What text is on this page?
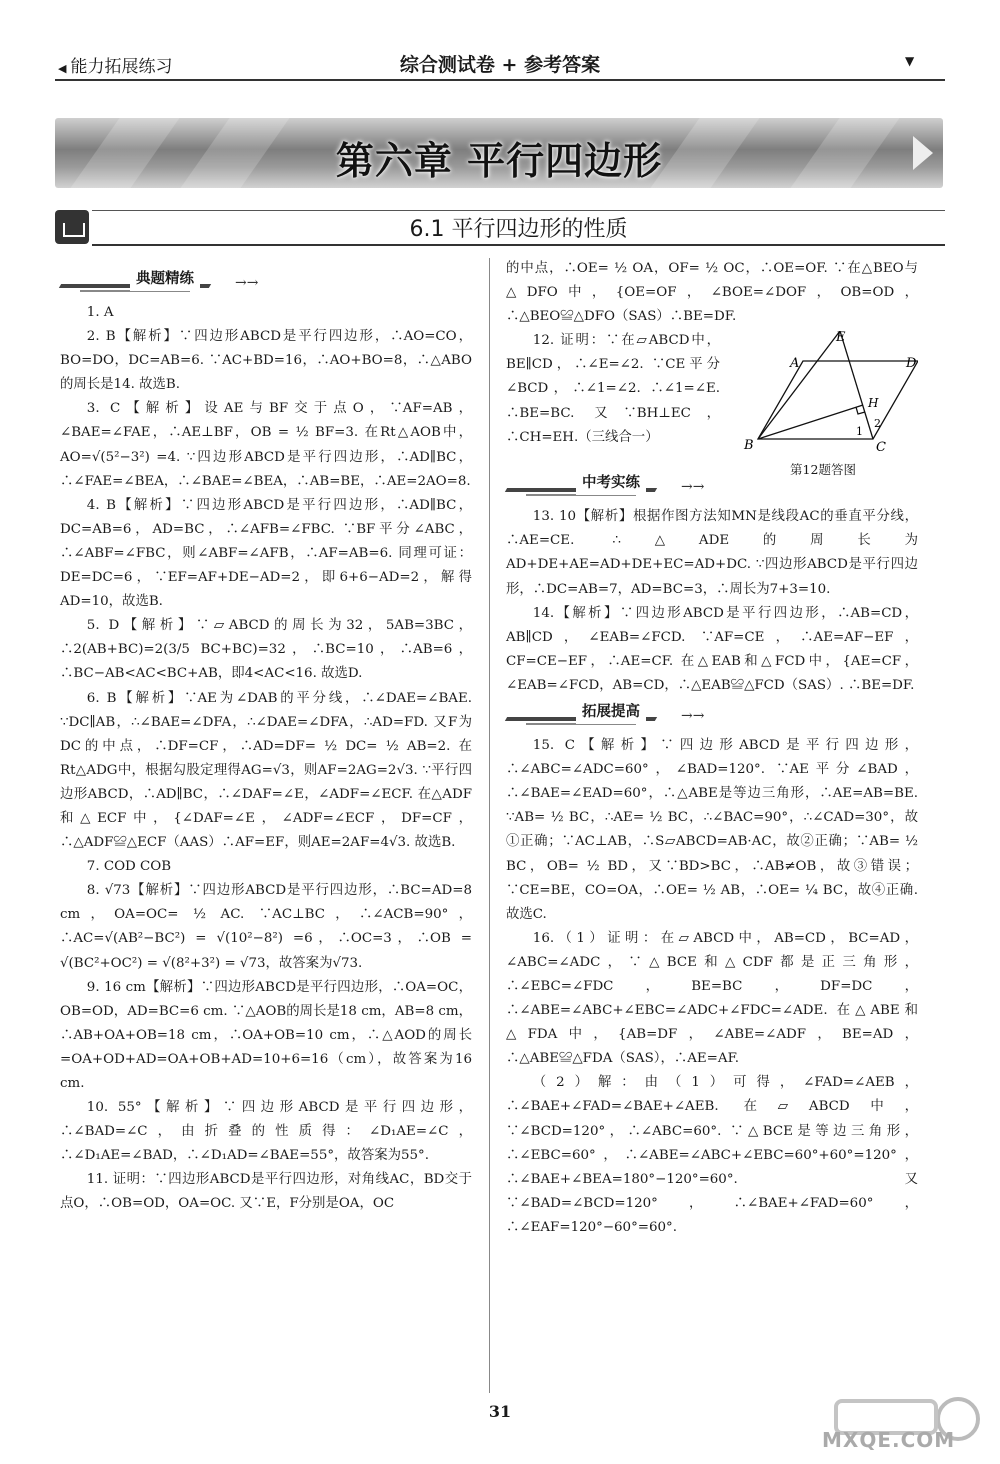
◀ 能力拓展练习	综合测试卷 + 参考答案	▼
第六章 平行四边形
6.1 平行四边形的性质
典题精练	→→

1. A

2. B【解析】∵四边形ABCD是平行四边形，∴AO=CO，BO=DO，DC=AB=6. ∵AC+BD=16，∴AO+BO=8，∴△ABO的周长是14. 故选B.

3. C【解析】设AE与BF交于点O，∵AF=AB，∠BAE=∠FAE，∴AE⊥BF，OB = ½ BF=3. 在Rt△AOB中，AO=√(5²−3²) =4. ∵四边形ABCD是平行四边形，∴AD∥BC，∴∠FAE=∠BEA，∴∠BAE=∠BEA，∴AB=BE，∴AE=2AO=8.

4. B【解析】∵四边形ABCD是平行四边形，∴AD∥BC，DC=AB=6，AD=BC，∴∠AFB=∠FBC. ∵BF平分∠ABC，∴∠ABF=∠FBC，则∠ABF=∠AFB，∴AF=AB=6. 同理可证：DE=DC=6，∵EF=AF+DE−AD=2，即6+6−AD=2，解得AD=10，故选B.

5. D【解析】∵▱ABCD的周长为32，5AB=3BC，∴2(AB+BC)=2(3/5 BC+BC)=32，∴BC=10，∴AB=6，∴BC−AB<AC<BC+AB，即4<AC<16. 故选D.

6. B【解析】∵AE为∠DAB的平分线，∴∠DAE=∠BAE. ∵DC∥AB，∴∠BAE=∠DFA，∴∠DAE=∠DFA，∴AD=FD. 又F为DC的中点，∴DF=CF，∴AD=DF= ½ DC= ½ AB=2. 在Rt△ADG中，根据勾股定理得AG=√3，则AF=2AG=2√3. ∵平行四边形ABCD，∴AD∥BC，∴∠DAF=∠E，∠ADF=∠ECF. 在△ADF和△ECF中，{∠DAF=∠E，∠ADF=∠ECF，DF=CF，∴△ADF≌△ECF（AAS）∴AF=EF，则AE=2AF=4√3. 故选B.

7. COD COB

8. √73【解析】∵四边形ABCD是平行四边形，∴BC=AD=8 cm，OA=OC= ½ AC. ∵AC⊥BC，∴∠ACB=90°，∴AC=√(AB²−BC²) = √(10²−8²) =6，∴OC=3，∴OB = √(BC²+OC²) = √(8²+3²) = √73，故答案为√73.

9. 16 cm【解析】∵四边形ABCD是平行四边形，∴OA=OC，OB=OD，AD=BC=6 cm. ∵△AOB的周长是18 cm，AB=8 cm，∴AB+OA+OB=18 cm，∴OA+OB=10 cm，∴△AOD的周长=OA+OD+AD=OA+OB+AD=10+6=16（cm），故答案为16 cm.

10. 55°【解析】∵四边形ABCD是平行四边形，∴∠BAD=∠C，由折叠的性质得：∠D₁AE=∠C，∴∠D₁AE=∠BAD，∴∠D₁AD=∠BAE=55°，故答案为55°.

11. 证明：∵四边形ABCD是平行四边形，对角线AC，BD交于点O，∴OB=OD，OA=OC. 又∵E，F分别是OA，OC

的中点，∴OE= ½ OA，OF= ½ OC，∴OE=OF. ∵在△BEO与△DFO中，{OE=OF，∠BOE=∠DOF，OB=OD，∴△BEO≌△DFO（SAS）∴BE=DF.

E
A	D
H
1
2
B	C
第12题答图

12. 证明：∵在▱ABCD中，BE∥CD，∴∠E=∠2. ∵CE平分∠BCD，∴∠1=∠2. ∴∠1=∠E. ∴BE=BC. 又∵BH⊥EC，∴CH=EH.（三线合一）

中考实练	→→

13. 10【解析】根据作图方法知MN是线段AC的垂直平分线，∴AE=CE. ∴△ADE的周长为AD+DE+AE=AD+DE+EC=AD+DC. ∵四边形ABCD是平行四边形，∴DC=AB=7，AD=BC=3，∴周长为7+3=10.

14.【解析】∵四边形ABCD是平行四边形，∴AB=CD，AB∥CD，∠EAB=∠FCD. ∵AF=CE，∴AE=AF−EF，CF=CE−EF，∴AE=CF. 在△EAB和△FCD中，{AE=CF，∠EAB=∠FCD，AB=CD，∴△EAB≌△FCD（SAS）. ∴BE=DF.

拓展提高	→→

15. C【解析】∵四边形ABCD是平行四边形，∴∠ABC=∠ADC=60°，∠BAD=120°. ∵AE平分∠BAD，∴∠BAE=∠EAD=60°，∴△ABE是等边三角形，∴AE=AB=BE. ∵AB= ½ BC，∴AE= ½ BC，∴∠BAC=90°，∴∠CAD=30°，故①正确；∵AC⊥AB，∴S▱ABCD=AB·AC，故②正确；∵AB= ½ BC，OB= ½ BD，又∵BD>BC，∴AB≠OB，故③错误；∵CE=BE，CO=OA，∴OE= ½ AB，∴OE= ¼ BC，故④正确. 故选C.

16.（1）证明：在▱ABCD中，AB=CD，BC=AD，∠ABC=∠ADC，∵△BCE和△CDF都是正三角形，∴∠EBC=∠FDC，BE=BC，DF=DC，∴∠ABE=∠ABC+∠EBC=∠ADC+∠FDC=∠ADE. 在△ABE和△FDA中，{AB=DF，∠ABE=∠ADF，BE=AD，∴△ABE≌△FDA（SAS），∴AE=AF.

（2）解：由（1）可得，∠FAD=∠AEB，∴∠BAE+∠FAD=∠BAE+∠AEB. 在▱ABCD中，∵∠BCD=120°，∴∠ABC=60°. ∵△BCE是等边三角形，∴∠EBC=60°，∴∠ABE=∠ABC+∠EBC=60°+60°=120°，∴∠BAE+∠BEA=180°−120°=60°. 又∵∠BAD=∠BCD=120°，∴∠BAE+∠FAD=60°，∴∠EAF=120°−60°=60°.

31
MXQE.COM
